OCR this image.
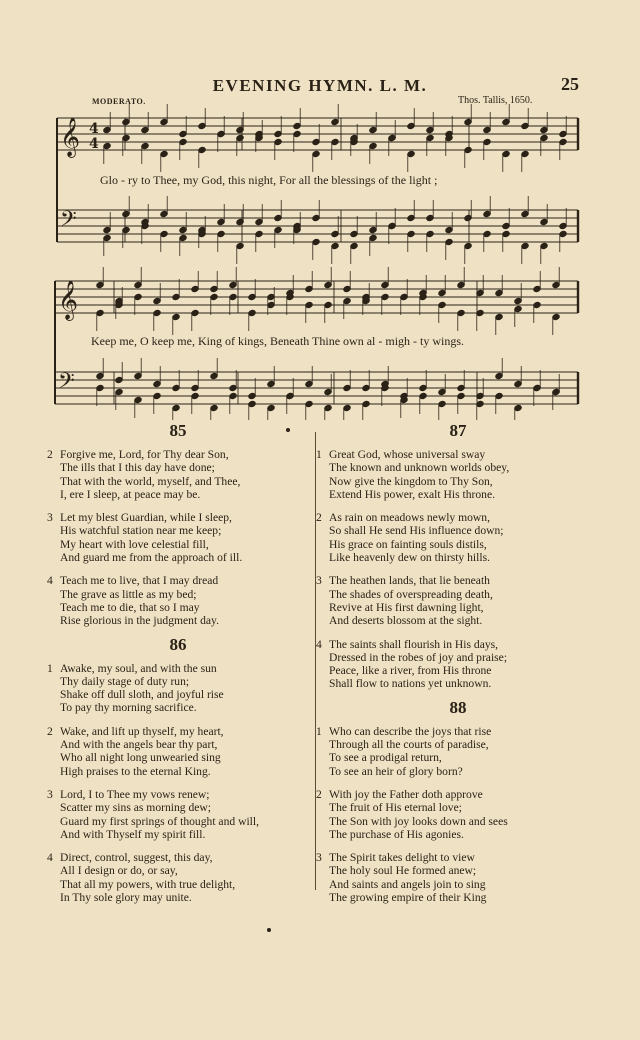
EVENING HYMN. L. M.	25
MODERATO.	Thos. Tallis, 1650.
𝄞 4
4
𝄢
𝄞
𝄢
Glo - ry to Thee, my God, this night, For all the blessings of the light ;
Keep me, O keep me, King of kings, Beneath Thine own al - migh - ty wings.
85
2 Forgive me, Lord, for Thy dear Son,
The ills that I this day have done;
That with the world, myself, and Thee,
I, ere I sleep, at peace may be.
3 Let my blest Guardian, while I sleep,
His watchful station near me keep;
My heart with love celestial fill,
And guard me from the approach of ill.
4 Teach me to live, that I may dread
The grave as little as my bed;
Teach me to die, that so I may
Rise glorious in the judgment day.
86
1 Awake, my soul, and with the sun
Thy daily stage of duty run;
Shake off dull sloth, and joyful rise
To pay thy morning sacrifice.
2 Wake, and lift up thyself, my heart,
And with the angels bear thy part,
Who all night long unwearied sing
High praises to the eternal King.
3 Lord, I to Thee my vows renew;
Scatter my sins as morning dew;
Guard my first springs of thought and will,
And with Thyself my spirit fill.
4 Direct, control, suggest, this day,
All I design or do, or say,
That all my powers, with true delight,
In Thy sole glory may unite.
87
1 Great God, whose universal sway
The known and unknown worlds obey,
Now give the kingdom to Thy Son,
Extend His power, exalt His throne.
2 As rain on meadows newly mown,
So shall He send His influence down;
His grace on fainting souls distils,
Like heavenly dew on thirsty hills.
3 The heathen lands, that lie beneath
The shades of overspreading death,
Revive at His first dawning light,
And deserts blossom at the sight.
4 The saints shall flourish in His days,
Dressed in the robes of joy and praise;
Peace, like a river, from His throne
Shall flow to nations yet unknown.
88
1 Who can describe the joys that rise
Through all the courts of paradise,
To see a prodigal return,
To see an heir of glory born?
2 With joy the Father doth approve
The fruit of His eternal love;
The Son with joy looks down and sees
The purchase of His agonies.
3 The Spirit takes delight to view
The holy soul He formed anew;
And saints and angels join to sing
The growing empire of their King
